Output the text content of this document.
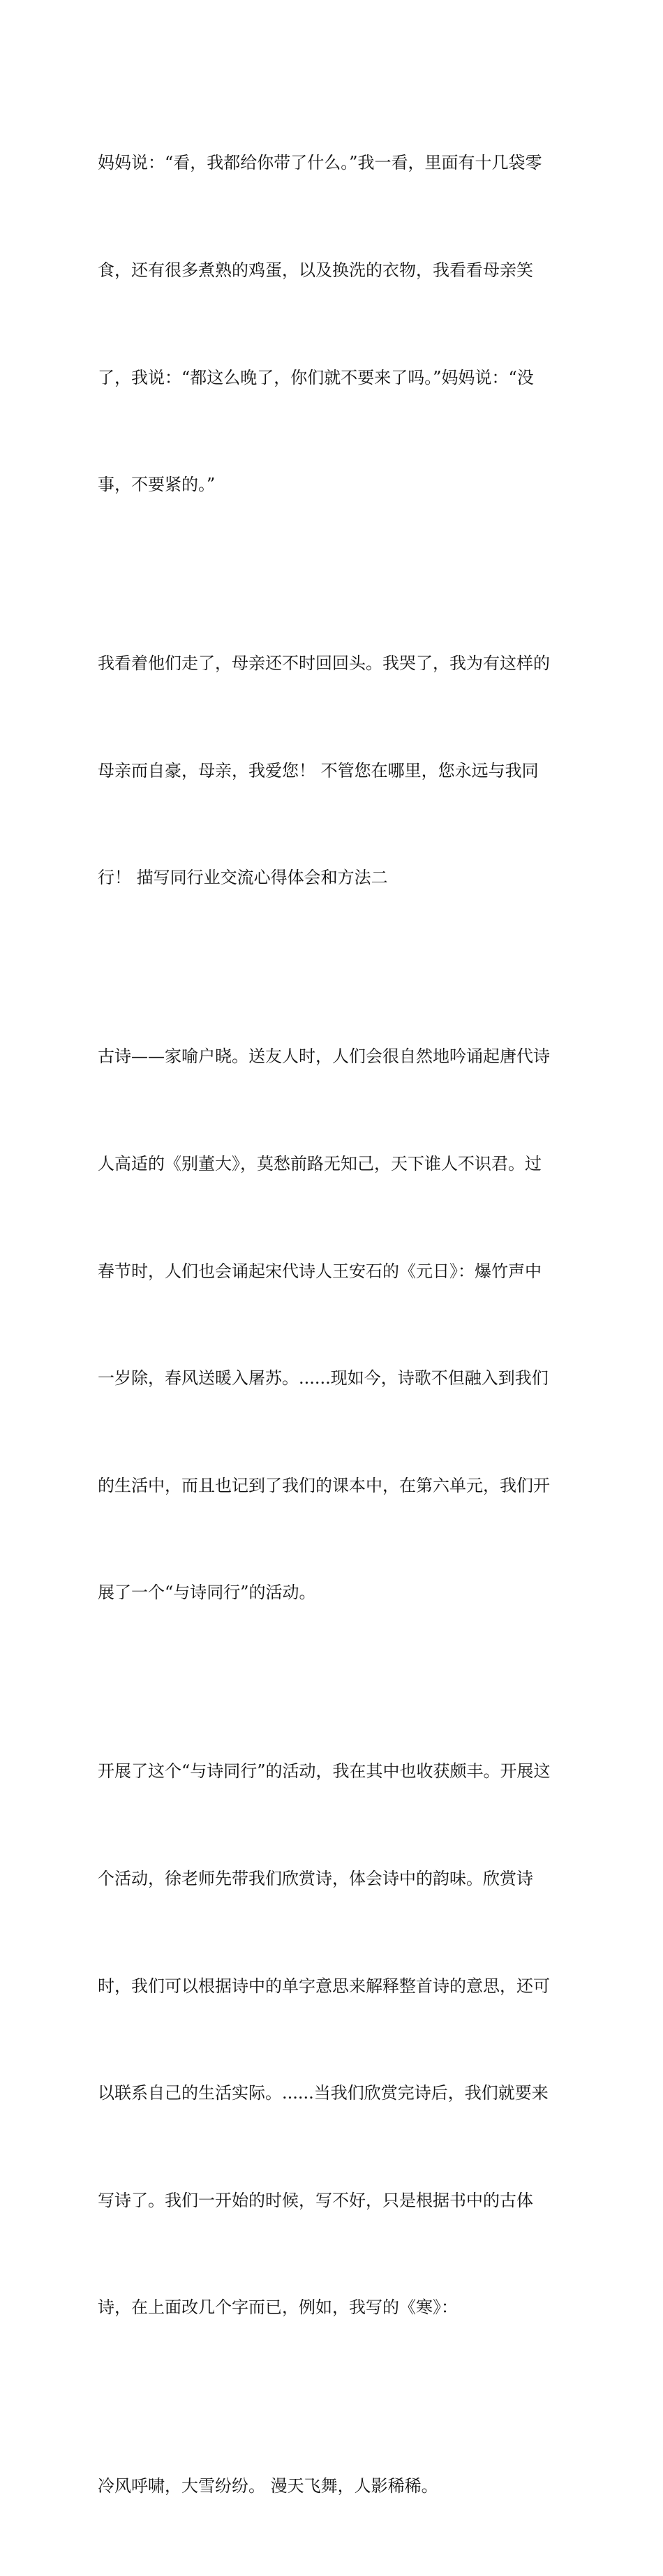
妈妈说：“看，我都给你带了什么。”我一看，里面有十几袋零

食，还有很多煮熟的鸡蛋，以及换洗的衣物，我看看母亲笑

了，我说：“都这么晚了，你们就不要来了吗。”妈妈说：“没

事，不要紧的。”

我看着他们走了，母亲还不时回回头。我哭了，我为有这样的

母亲而自豪，母亲，我爱您！ 不管您在哪里，您永远与我同

行！ 描写同行业交流心得体会和方法二

古诗——家喻户晓。送友人时，人们会很自然地吟诵起唐代诗

人高适的《别董大》，莫愁前路无知己，天下谁人不识君。过

春节时，人们也会诵起宋代诗人王安石的《元日》：爆竹声中

一岁除，春风送暖入屠苏。......现如今，诗歌不但融入到我们

的生活中，而且也记到了我们的课本中，在第六单元，我们开

展了一个“与诗同行”的活动。

开展了这个“与诗同行”的活动，我在其中也收获颇丰。开展这

个活动，徐老师先带我们欣赏诗，体会诗中的韵味。欣赏诗

时，我们可以根据诗中的单字意思来解释整首诗的意思，还可

以联系自己的生活实际。......当我们欣赏完诗后，我们就要来

写诗了。我们一开始的时候，写不好，只是根据书中的古体

诗，在上面改几个字而已，例如，我写的《寒》：

冷风呼啸，大雪纷纷。 漫天飞舞，人影稀稀。
